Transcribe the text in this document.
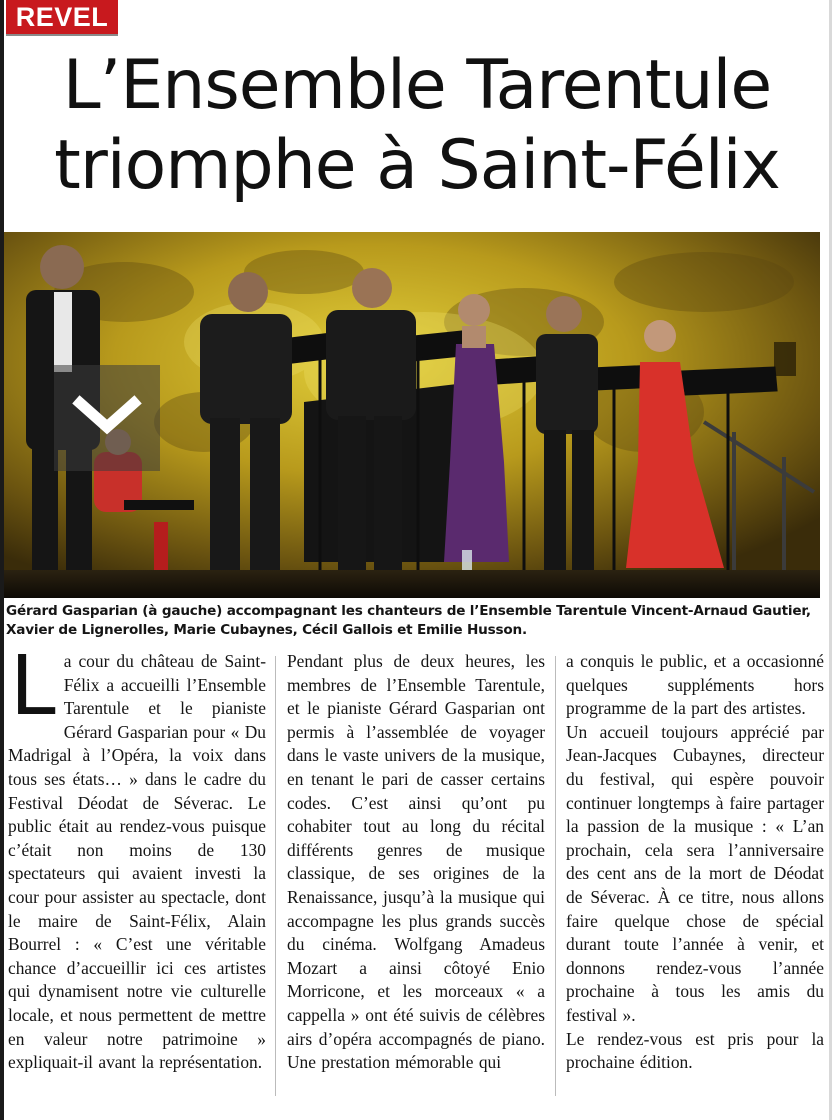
REVEL
L’Ensemble Tarentule
triomphe à Saint-Félix

Gérard Gasparian (à gauche) accompagnant les chanteurs de l’Ensemble Tarentule Vincent-Arnaud Gautier,
Xavier de Lignerolles, Marie Cubaynes, Cécil Gallois et Emilie Husson.

L a cour du château de Saint-Félix a accueilli l’Ensemble Tarentule et le pianiste Gérard Gasparian pour « Du Madrigal à l’Opéra, la voix dans tous ses états… » dans le cadre du Festival Déodat de Séverac. Le public était au rendez-vous puisque c’était non moins de 130 spectateurs qui avaient investi la cour pour assister au spectacle, dont le maire de Saint-Félix, Alain Bourrel : « C’est une véritable chance d’accueillir ici ces artistes qui dynamisent notre vie culturelle locale, et nous permettent de mettre en valeur notre patrimoine » expliquait-il avant la représentation.

Pendant plus de deux heures, les membres de l’Ensemble Tarentule, et le pianiste Gérard Gasparian ont permis à l’assemblée de voyager dans le vaste univers de la musique, en tenant le pari de casser certains codes. C’est ainsi qu’ont pu cohabiter tout au long du récital différents genres de musique classique, de ses origines de la Renaissance, jusqu’à la musique qui accompagne les plus grands succès du cinéma. Wolfgang Amadeus Mozart a ainsi côtoyé Enio Morricone, et les morceaux « a cappella » ont été suivis de célèbres airs d’opéra accompagnés de piano. Une prestation mémorable qui

a conquis le public, et a occasionné quelques suppléments hors programme de la part des artistes.

Un accueil toujours apprécié par Jean-Jacques Cubaynes, directeur du festival, qui espère pouvoir continuer longtemps à faire partager la passion de la musique : « L’an prochain, cela sera l’anniversaire des cent ans de la mort de Déodat de Séverac. À ce titre, nous allons faire quelque chose de spécial durant toute l’année à venir, et donnons rendez-vous l’année prochaine à tous les amis du festival ».

Le rendez-vous est pris pour la prochaine édition.
